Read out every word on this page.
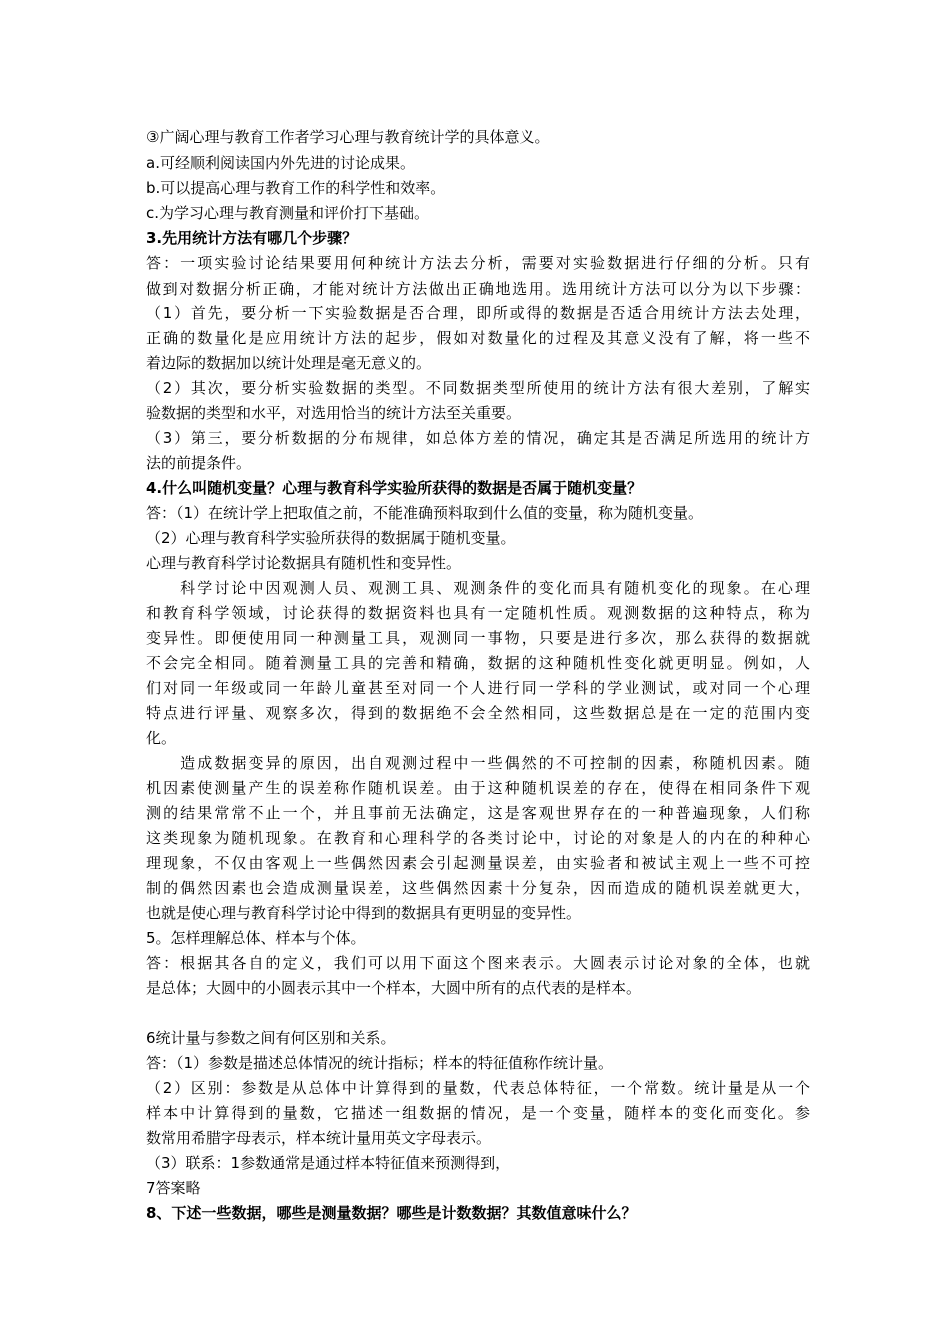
③广阔心理与教育工作者学习心理与教育统计学的具体意义。
a.可经顺利阅读国内外先进的讨论成果。
b.可以提高心理与教育工作的科学性和效率。
c.为学习心理与教育测量和评价打下基础。
3.先用统计方法有哪几个步骤？
答：一项实验讨论结果要用何种统计方法去分析，需要对实验数据进行仔细的分析。只有
做到对数据分析正确，才能对统计方法做出正确地选用。选用统计方法可以分为以下步骤：
（1）首先，要分析一下实验数据是否合理，即所或得的数据是否适合用统计方法去处理，
正确的数量化是应用统计方法的起步，假如对数量化的过程及其意义没有了解，将一些不
着边际的数据加以统计处理是毫无意义的。
（2）其次，要分析实验数据的类型。不同数据类型所使用的统计方法有很大差别，了解实
验数据的类型和水平，对选用恰当的统计方法至关重要。
（3）第三，要分析数据的分布规律，如总体方差的情况，确定其是否满足所选用的统计方
法的前提条件。
4.什么叫随机变量？心理与教育科学实验所获得的数据是否属于随机变量？
答：（1）在统计学上把取值之前，不能准确预料取到什么值的变量，称为随机变量。
（2）心理与教育科学实验所获得的数据属于随机变量。
心理与教育科学讨论数据具有随机性和变异性。
　　科学讨论中因观测人员、观测工具、观测条件的变化而具有随机变化的现象。在心理
和教育科学领域，讨论获得的数据资料也具有一定随机性质。观测数据的这种特点，称为
变异性。即便使用同一种测量工具，观测同一事物，只要是进行多次，那么获得的数据就
不会完全相同。随着测量工具的完善和精确，数据的这种随机性变化就更明显。例如，人
们对同一年级或同一年龄儿童甚至对同一个人进行同一学科的学业测试，或对同一个心理
特点进行评量、观察多次，得到的数据绝不会全然相同，这些数据总是在一定的范围内变
化。
　　造成数据变异的原因，出自观测过程中一些偶然的不可控制的因素，称随机因素。随
机因素使测量产生的误差称作随机误差。由于这种随机误差的存在，使得在相同条件下观
测的结果常常不止一个，并且事前无法确定，这是客观世界存在的一种普遍现象，人们称
这类现象为随机现象。在教育和心理科学的各类讨论中，讨论的对象是人的内在的种种心
理现象，不仅由客观上一些偶然因素会引起测量误差，由实验者和被试主观上一些不可控
制的偶然因素也会造成测量误差，这些偶然因素十分复杂，因而造成的随机误差就更大，
也就是使心理与教育科学讨论中得到的数据具有更明显的变异性。
5。怎样理解总体、样本与个体。
答：根据其各自的定义，我们可以用下面这个图来表示。大圆表示讨论对象的全体，也就
是总体；大圆中的小圆表示其中一个样本，大圆中所有的点代表的是样本。
6统计量与参数之间有何区别和关系。
答：（1）参数是描述总体情况的统计指标；样本的特征值称作统计量。
（2）区别：参数是从总体中计算得到的量数，代表总体特征，一个常数。统计量是从一个
样本中计算得到的量数，它描述一组数据的情况，是一个变量，随样本的变化而变化。参
数常用希腊字母表示，样本统计量用英文字母表示。
（3）联系：1参数通常是通过样本特征值来预测得到，
7答案略
8、下述一些数据，哪些是测量数据？哪些是计数数据？其数值意味什么？
